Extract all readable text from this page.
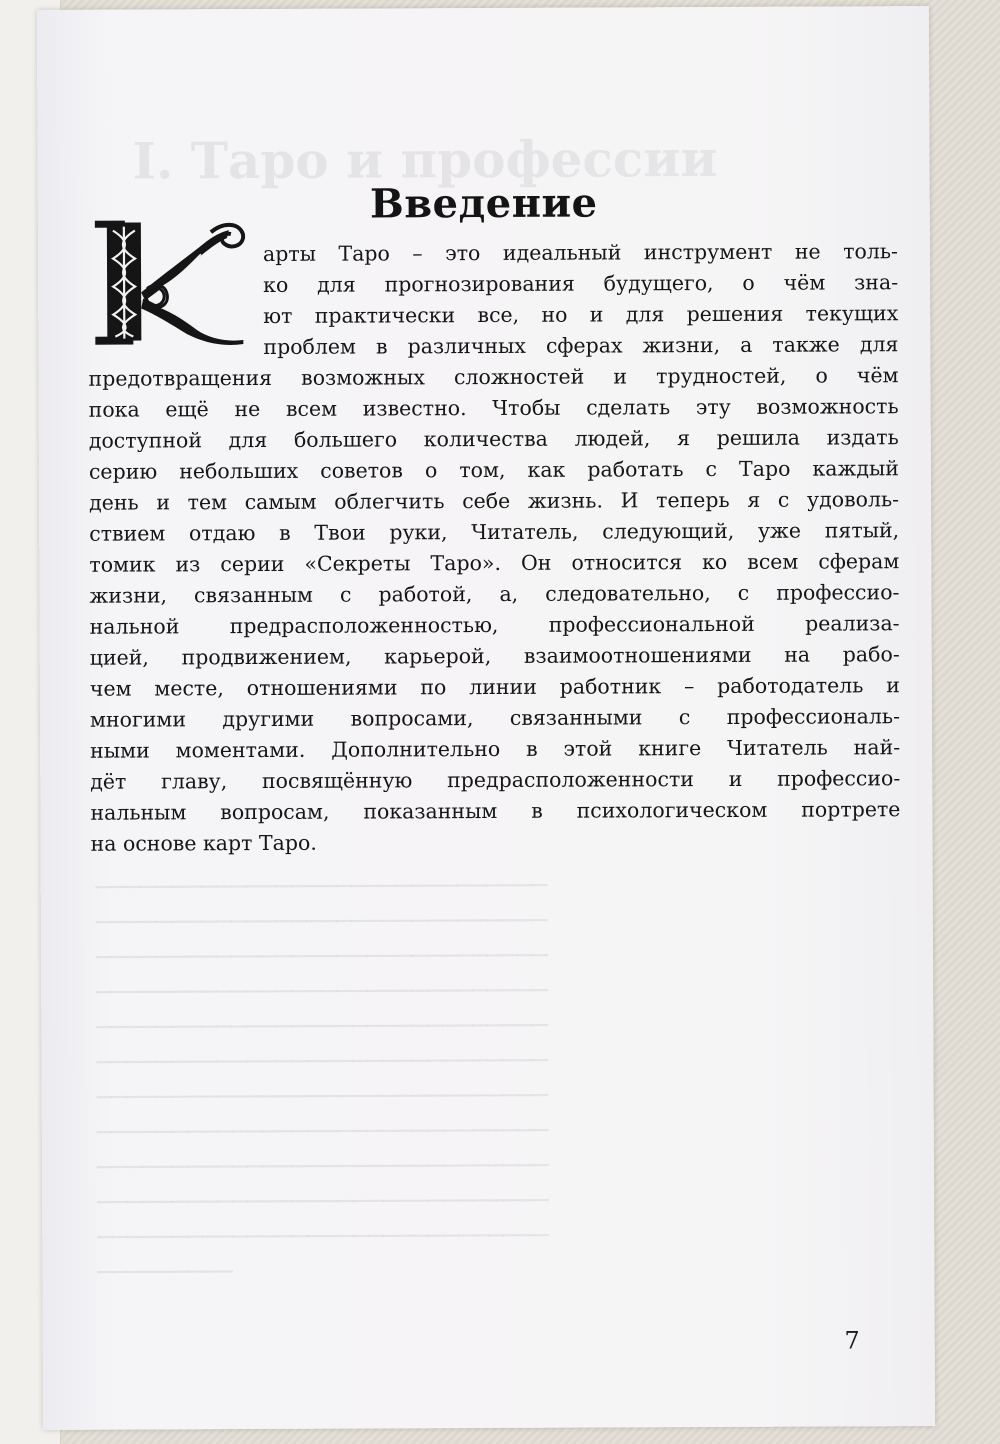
I. Таро и профессии
──────────────────────────────
──────────────────────────────
──────────────────────────────
──────────────────────────────
──────────────────────────────
──────────────────────────────
──────────────────────────────
──────────────────────────────
──────────────────────────────
──────────────────────────────
──────────────────────────────
─────────
Введение
арты Таро – это идеальный инструмент не толь-
ко для прогнозирования будущего, о чём зна-
ют практически все, но и для решения текущих
проблем в различных сферах жизни, а также для
предотвращения возможных сложностей и трудностей, о чём
пока ещё не всем известно. Чтобы сделать эту возможность
доступной для большего количества людей, я решила издать
серию небольших советов о том, как работать с Таро каждый
день и тем самым облегчить себе жизнь. И теперь я с удоволь-
ствием отдаю в Твои руки, Читатель, следующий, уже пятый,
томик из серии «Секреты Таро». Он относится ко всем сферам
жизни, связанным с работой, а, следовательно, с профессио-
нальной предрасположенностью, профессиональной реализа-
цией, продвижением, карьерой, взаимоотношениями на рабо-
чем месте, отношениями по линии работник – работодатель и
многими другими вопросами, связанными с профессиональ-
ными моментами. Дополнительно в этой книге Читатель най-
дёт главу, посвящённую предрасположенности и профессио-
нальным вопросам, показанным в психологическом портрете
на основе карт Таро.
7
